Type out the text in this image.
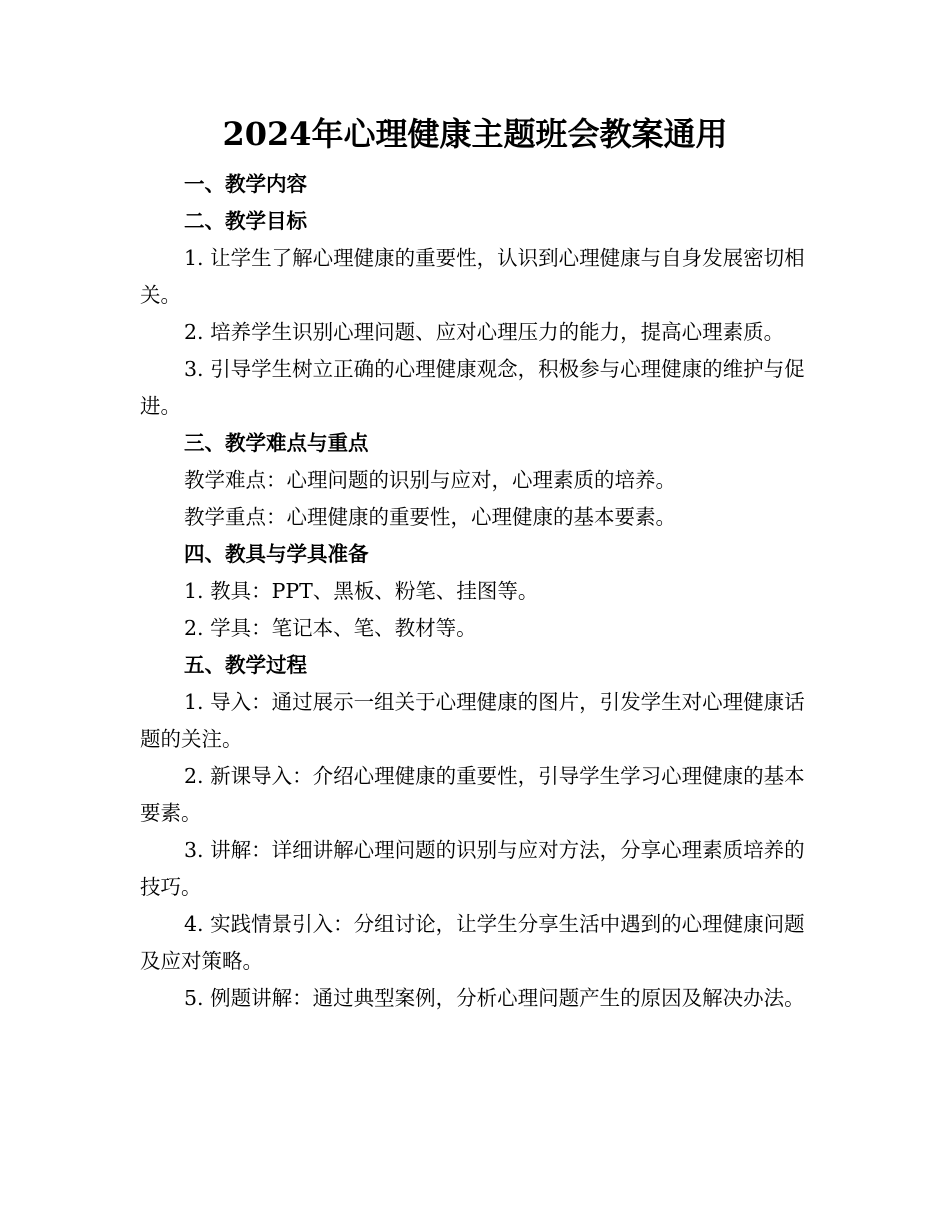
2024年心理健康主题班会教案通用

一、教学内容

二、教学目标

1. 让学生了解心理健康的重要性，认识到心理健康与自身发展密切相关。

2. 培养学生识别心理问题、应对心理压力的能力，提高心理素质。

3. 引导学生树立正确的心理健康观念，积极参与心理健康的维护与促进。

三、教学难点与重点

教学难点：心理问题的识别与应对，心理素质的培养。

教学重点：心理健康的重要性，心理健康的基本要素。

四、教具与学具准备

1. 教具：PPT、黑板、粉笔、挂图等。

2. 学具：笔记本、笔、教材等。

五、教学过程

1. 导入：通过展示一组关于心理健康的图片，引发学生对心理健康话题的关注。

2. 新课导入：介绍心理健康的重要性，引导学生学习心理健康的基本要素。

3. 讲解：详细讲解心理问题的识别与应对方法，分享心理素质培养的技巧。

4. 实践情景引入：分组讨论，让学生分享生活中遇到的心理健康问题及应对策略。

5. 例题讲解：通过典型案例，分析心理问题产生的原因及解决办法。
